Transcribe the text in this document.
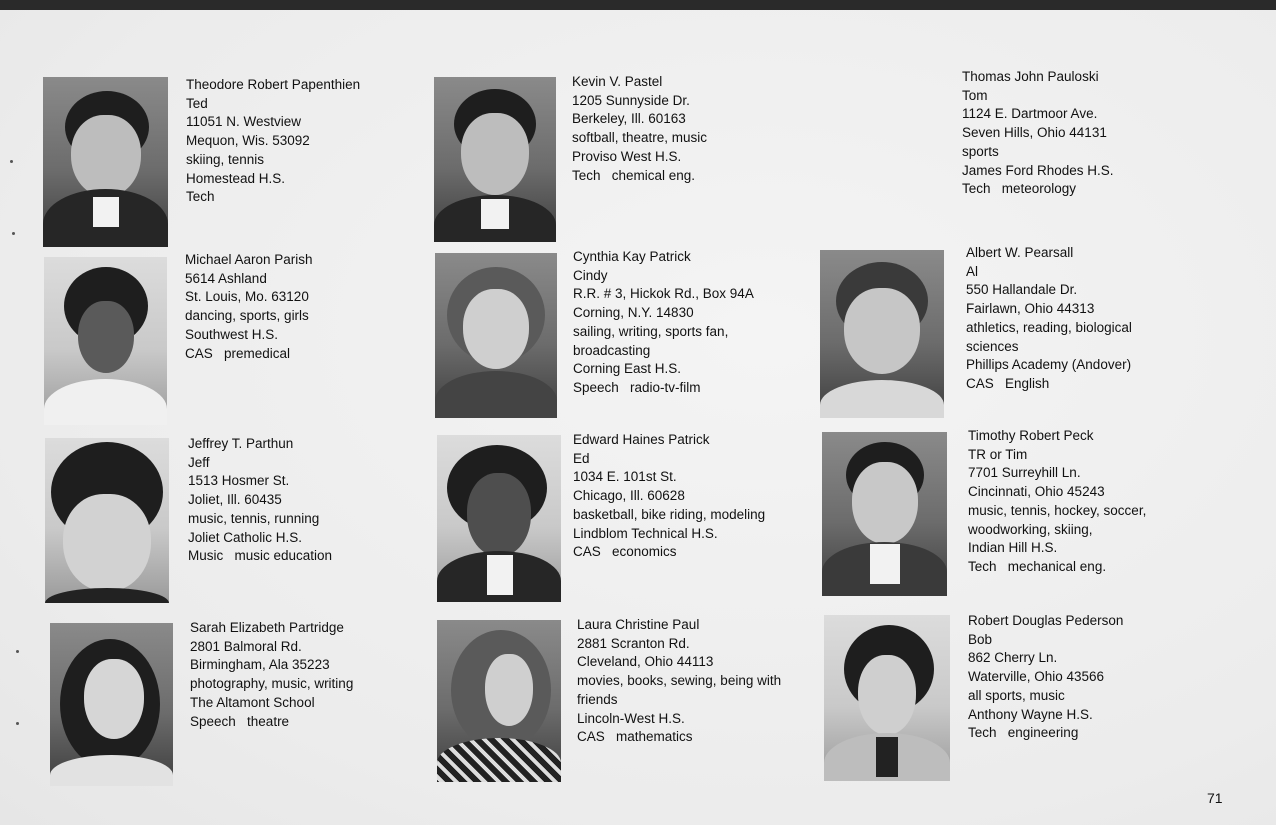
Theodore Robert Papenthien
Ted
11051 N. Westview
Mequon, Wis. 53092
skiing, tennis
Homestead H.S.
Tech
Kevin V. Pastel
1205 Sunnyside Dr.
Berkeley, Ill. 60163
softball, theatre, music
Proviso West H.S.
Tech   chemical eng.
Thomas John Pauloski
Tom
1124 E. Dartmoor Ave.
Seven Hills, Ohio 44131
sports
James Ford Rhodes H.S.
Tech   meteorology
Michael Aaron Parish
5614 Ashland
St. Louis, Mo. 63120
dancing, sports, girls
Southwest H.S.
CAS   premedical
Cynthia Kay Patrick
Cindy
R.R. # 3, Hickok Rd., Box 94A
Corning, N.Y. 14830
sailing, writing, sports fan,
broadcasting
Corning East H.S.
Speech   radio-tv-film
Albert W. Pearsall
Al
550 Hallandale Dr.
Fairlawn, Ohio 44313
athletics, reading, biological
sciences
Phillips Academy (Andover)
CAS   English
Jeffrey T. Parthun
Jeff
1513 Hosmer St.
Joliet, Ill. 60435
music, tennis, running
Joliet Catholic H.S.
Music   music education
Edward Haines Patrick
Ed
1034 E. 101st St.
Chicago, Ill. 60628
basketball, bike riding, modeling
Lindblom Technical H.S.
CAS   economics
Timothy Robert Peck
TR or Tim
7701 Surreyhill Ln.
Cincinnati, Ohio 45243
music, tennis, hockey, soccer,
woodworking, skiing,
Indian Hill H.S.
Tech   mechanical eng.
Sarah Elizabeth Partridge
2801 Balmoral Rd.
Birmingham, Ala 35223
photography, music, writing
The Altamont School
Speech   theatre
Laura Christine Paul
2881 Scranton Rd.
Cleveland, Ohio 44113
movies, books, sewing, being with
friends
Lincoln-West H.S.
CAS   mathematics
Robert Douglas Pederson
Bob
862 Cherry Ln.
Waterville, Ohio 43566
all sports, music
Anthony Wayne H.S.
Tech   engineering
71
